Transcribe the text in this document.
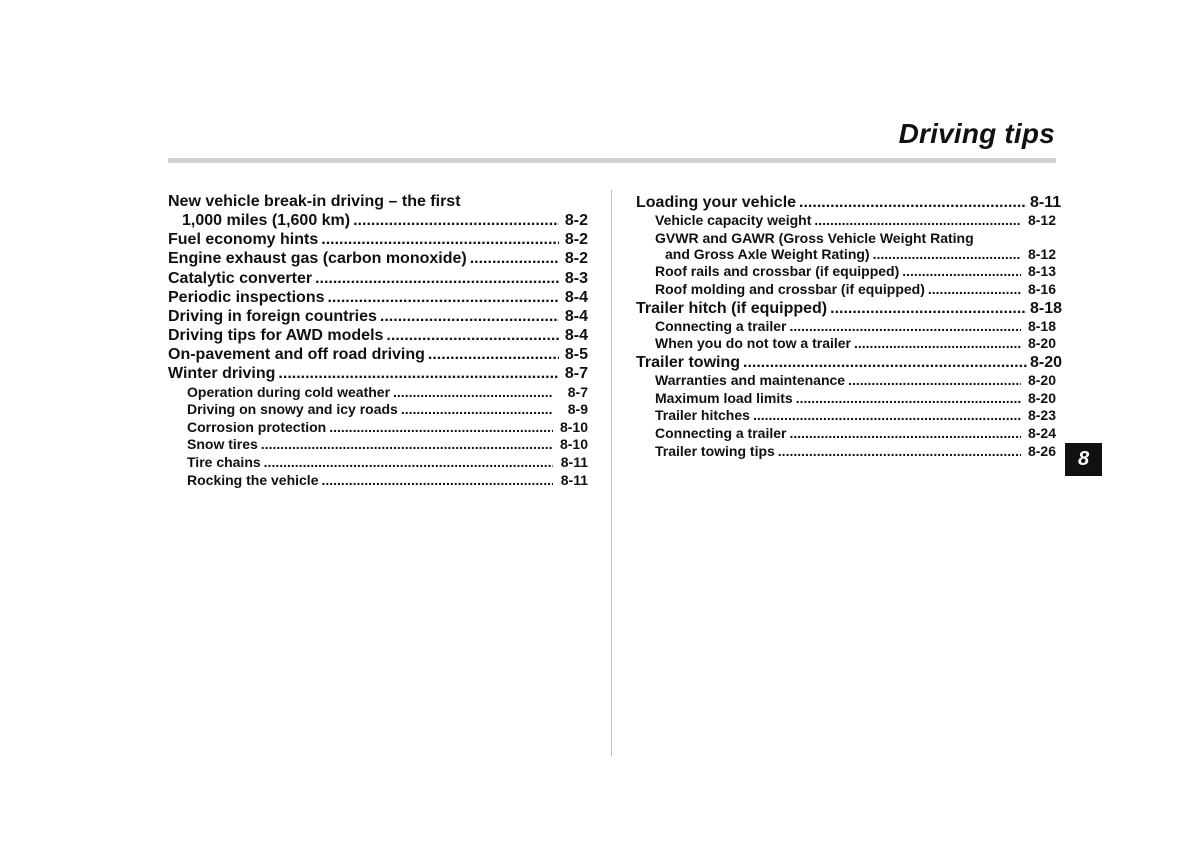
Driving tips
New vehicle break-in driving – the first
1,000 miles (1,600 km) .....	8-2
Fuel economy hints .....	8-2
Engine exhaust gas (carbon monoxide) .....	8-2
Catalytic converter .....	8-3
Periodic inspections .....	8-4
Driving in foreign countries .....	8-4
Driving tips for AWD models .....	8-4
On-pavement and off road driving .....	8-5
Winter driving .....	8-7
Operation during cold weather .....	8-7
Driving on snowy and icy roads .....	8-9
Corrosion protection .....	8-10
Snow tires .....	8-10
Tire chains .....	8-11
Rocking the vehicle .....	8-11
Loading your vehicle .....	8-11
Vehicle capacity weight .....	8-12
GVWR and GAWR (Gross Vehicle Weight Rating
and Gross Axle Weight Rating) .....	8-12
Roof rails and crossbar (if equipped) .....	8-13
Roof molding and crossbar (if equipped) .....	8-16
Trailer hitch (if equipped) .....	8-18
Connecting a trailer .....	8-18
When you do not tow a trailer .....	8-20
Trailer towing .....	8-20
Warranties and maintenance .....	8-20
Maximum load limits .....	8-20
Trailer hitches .....	8-23
Connecting a trailer .....	8-24
Trailer towing tips .....	8-26	8
